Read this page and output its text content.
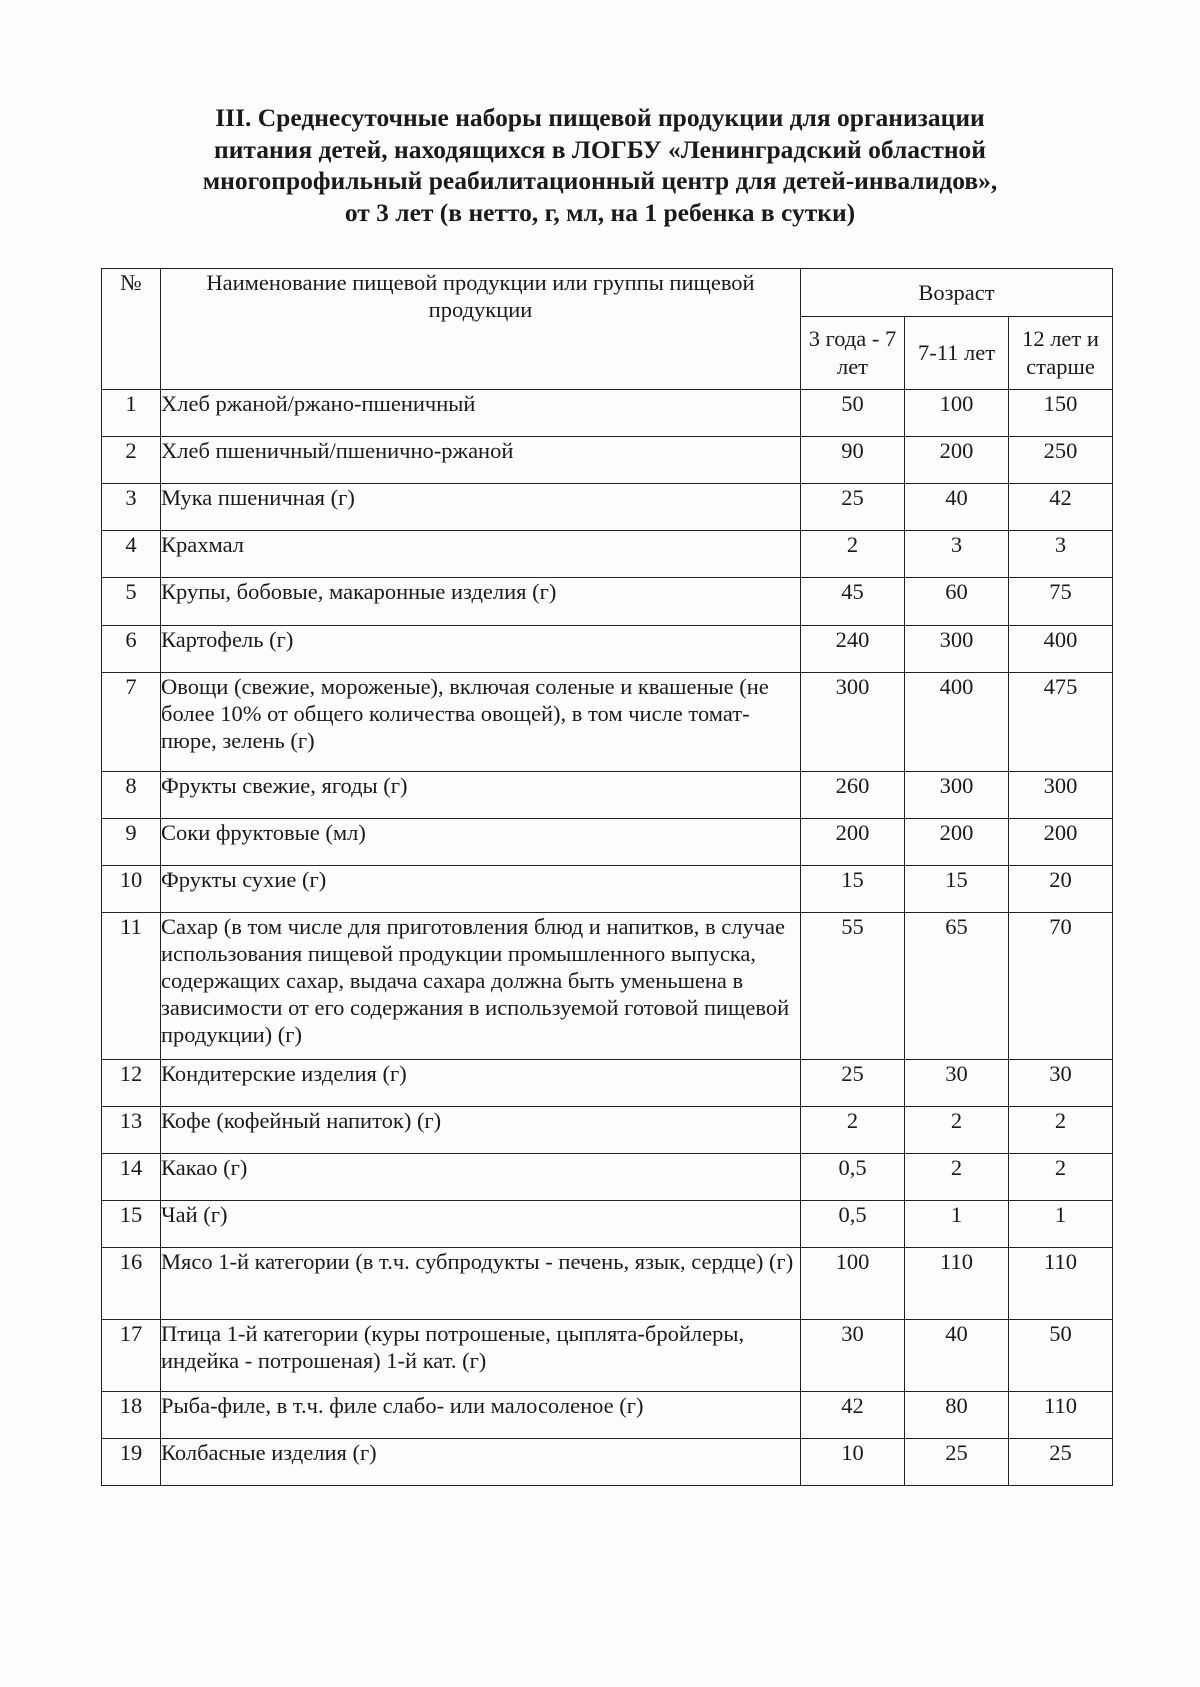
III. Среднесуточные наборы пищевой продукции для организации
питания детей, находящихся в ЛОГБУ «Ленинградский областной
многопрофильный реабилитационный центр для детей-инвалидов»,
от 3 лет (в нетто, г, мл, на 1 ребенка в сутки)
№	Наименование пищевой продукции или группы пищевой продукции	Возраст		
		3 года - 7 лет	7-11 лет	12 лет и старше
1	Хлеб ржаной/ржано-пшеничный	50	100	150
2	Хлеб пшеничный/пшенично-ржаной	90	200	250
3	Мука пшеничная (г)	25	40	42
4	Крахмал	2	3	3
5	Крупы, бобовые, макаронные изделия (г)	45	60	75
6	Картофель (г)	240	300	400
7	Овощи (свежие, мороженые), включая соленые и квашеные (не более 10% от общего количества овощей), в том числе томат-пюре, зелень (г)	300	400	475
8	Фрукты свежие, ягоды (г)	260	300	300
9	Соки фруктовые (мл)	200	200	200
10	Фрукты сухие (г)	15	15	20
11	Сахар (в том числе для приготовления блюд и напитков, в случае использования пищевой продукции промышленного выпуска, содержащих сахар, выдача сахара должна быть уменьшена в зависимости от его содержания в используемой готовой пищевой продукции) (г)	55	65	70
12	Кондитерские изделия (г)	25	30	30
13	Кофе (кофейный напиток) (г)	2	2	2
14	Какао (г)	0,5	2	2
15	Чай (г)	0,5	1	1
16	Мясо 1-й категории (в т.ч. субпродукты - печень, язык, сердце) (г)	100	110	110
17	Птица 1-й категории (куры потрошеные, цыплята-бройлеры, индейка - потрошеная) 1-й кат. (г)	30	40	50
18	Рыба-филе, в т.ч. филе слабо- или малосоленое (г)	42	80	110
19	Колбасные изделия (г)	10	25	25
